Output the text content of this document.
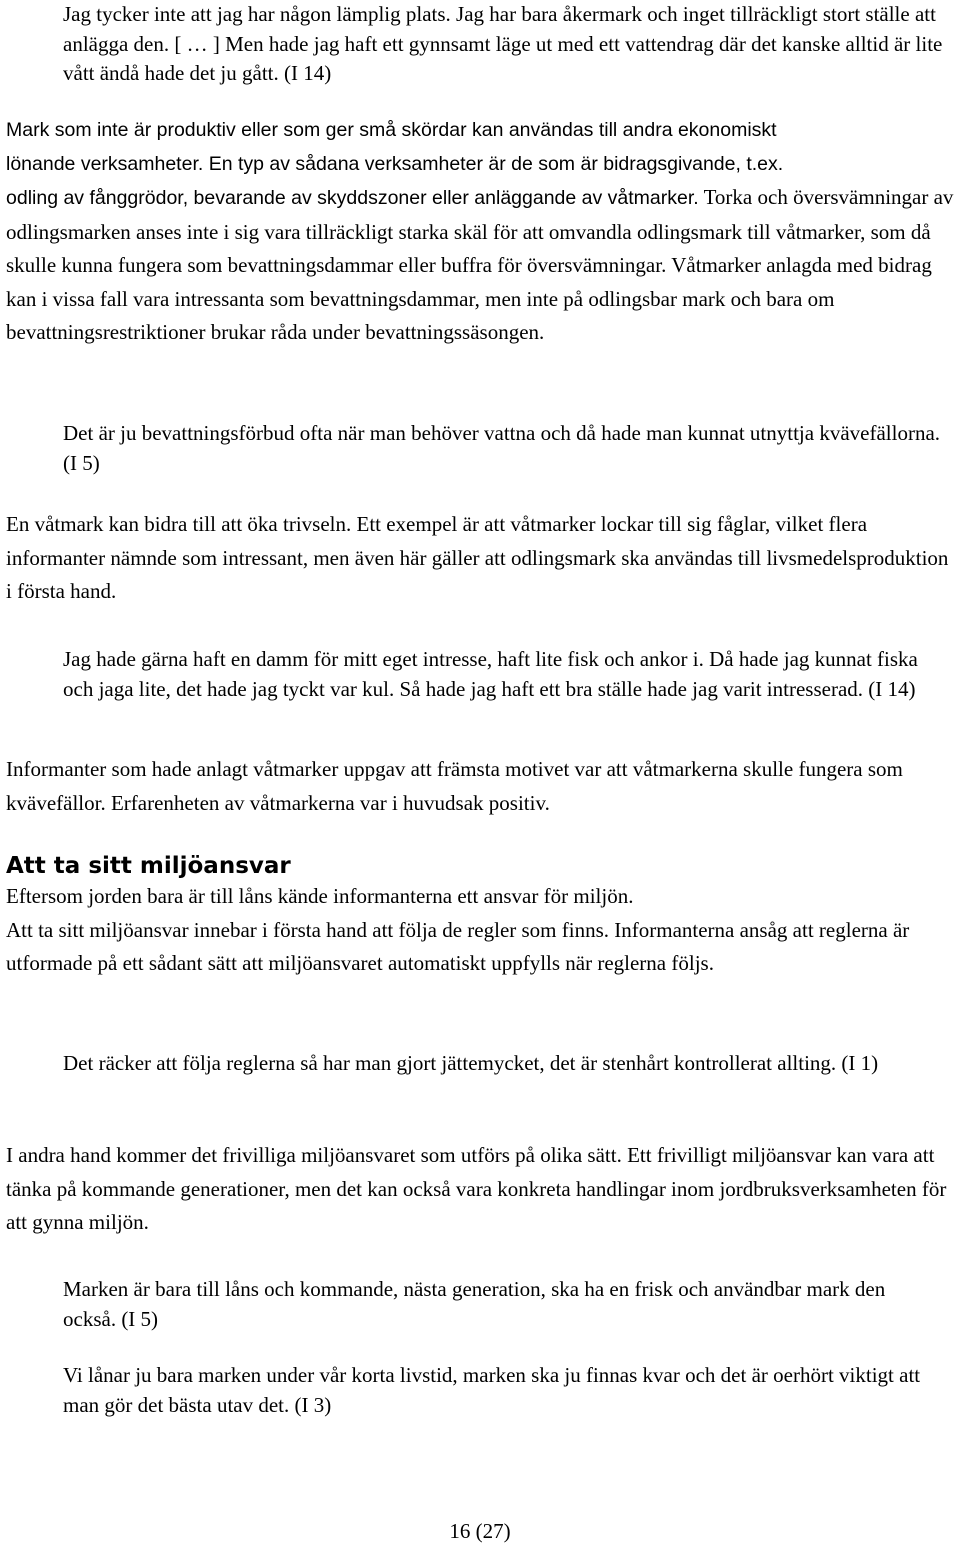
Jag tycker inte att jag har någon lämplig plats. Jag har bara åkermark och inget tillräckligt stort ställe att anlägga den. [ … ] Men hade jag haft ett gynnsamt läge ut med ett vattendrag där det kanske alltid är lite vått ändå hade det ju gått. (I 14)

Mark som inte är produktiv eller som ger små skördar kan användas till andra ekonomiskt
lönande verksamheter. En typ av sådana verksamheter är de som är bidragsgivande, t.ex.
odling av fånggrödor, bevarande av skyddszoner eller anläggande av våtmarker. Torka och översvämningar av odlingsmarken anses inte i sig vara tillräckligt starka skäl för att omvandla odlingsmark till våtmarker, som då skulle kunna fungera som bevattningsdammar eller buffra för översvämningar. Våtmarker anlagda med bidrag kan i vissa fall vara intressanta som bevattningsdammar, men inte på odlingsbar mark och bara om bevattningsrestriktioner brukar råda under bevattningssäsongen.

Det är ju bevattningsförbud ofta när man behöver vattna och då hade man kunnat utnyttja kvävefällorna. (I 5)

En våtmark kan bidra till att öka trivseln. Ett exempel är att våtmarker lockar till sig fåglar, vilket flera informanter nämnde som intressant, men även här gäller att odlingsmark ska användas till livsmedelsproduktion i första hand.

Jag hade gärna haft en damm för mitt eget intresse, haft lite fisk och ankor i. Då hade jag kunnat fiska och jaga lite, det hade jag tyckt var kul. Så hade jag haft ett bra ställe hade jag varit intresserad. (I 14)

Informanter som hade anlagt våtmarker uppgav att främsta motivet var att våtmarkerna skulle fungera som kvävefällor. Erfarenheten av våtmarkerna var i huvudsak positiv.

Att ta sitt miljöansvar

Eftersom jorden bara är till låns kände informanterna ett ansvar för miljön.
Att ta sitt miljöansvar innebar i första hand att följa de regler som finns. Informanterna ansåg att reglerna är utformade på ett sådant sätt att miljöansvaret automatiskt uppfylls när reglerna följs.

Det räcker att följa reglerna så har man gjort jättemycket, det är stenhårt kontrollerat allting. (I 1)

I andra hand kommer det frivilliga miljöansvaret som utförs på olika sätt. Ett frivilligt miljöansvar kan vara att tänka på kommande generationer, men det kan också vara konkreta handlingar inom jordbruksverksamheten för att gynna miljön.

Marken är bara till låns och kommande, nästa generation, ska ha en frisk och användbar mark den också. (I 5)

Vi lånar ju bara marken under vår korta livstid, marken ska ju finnas kvar och det är oerhört viktigt att man gör det bästa utav det. (I 3)

16 (27)
